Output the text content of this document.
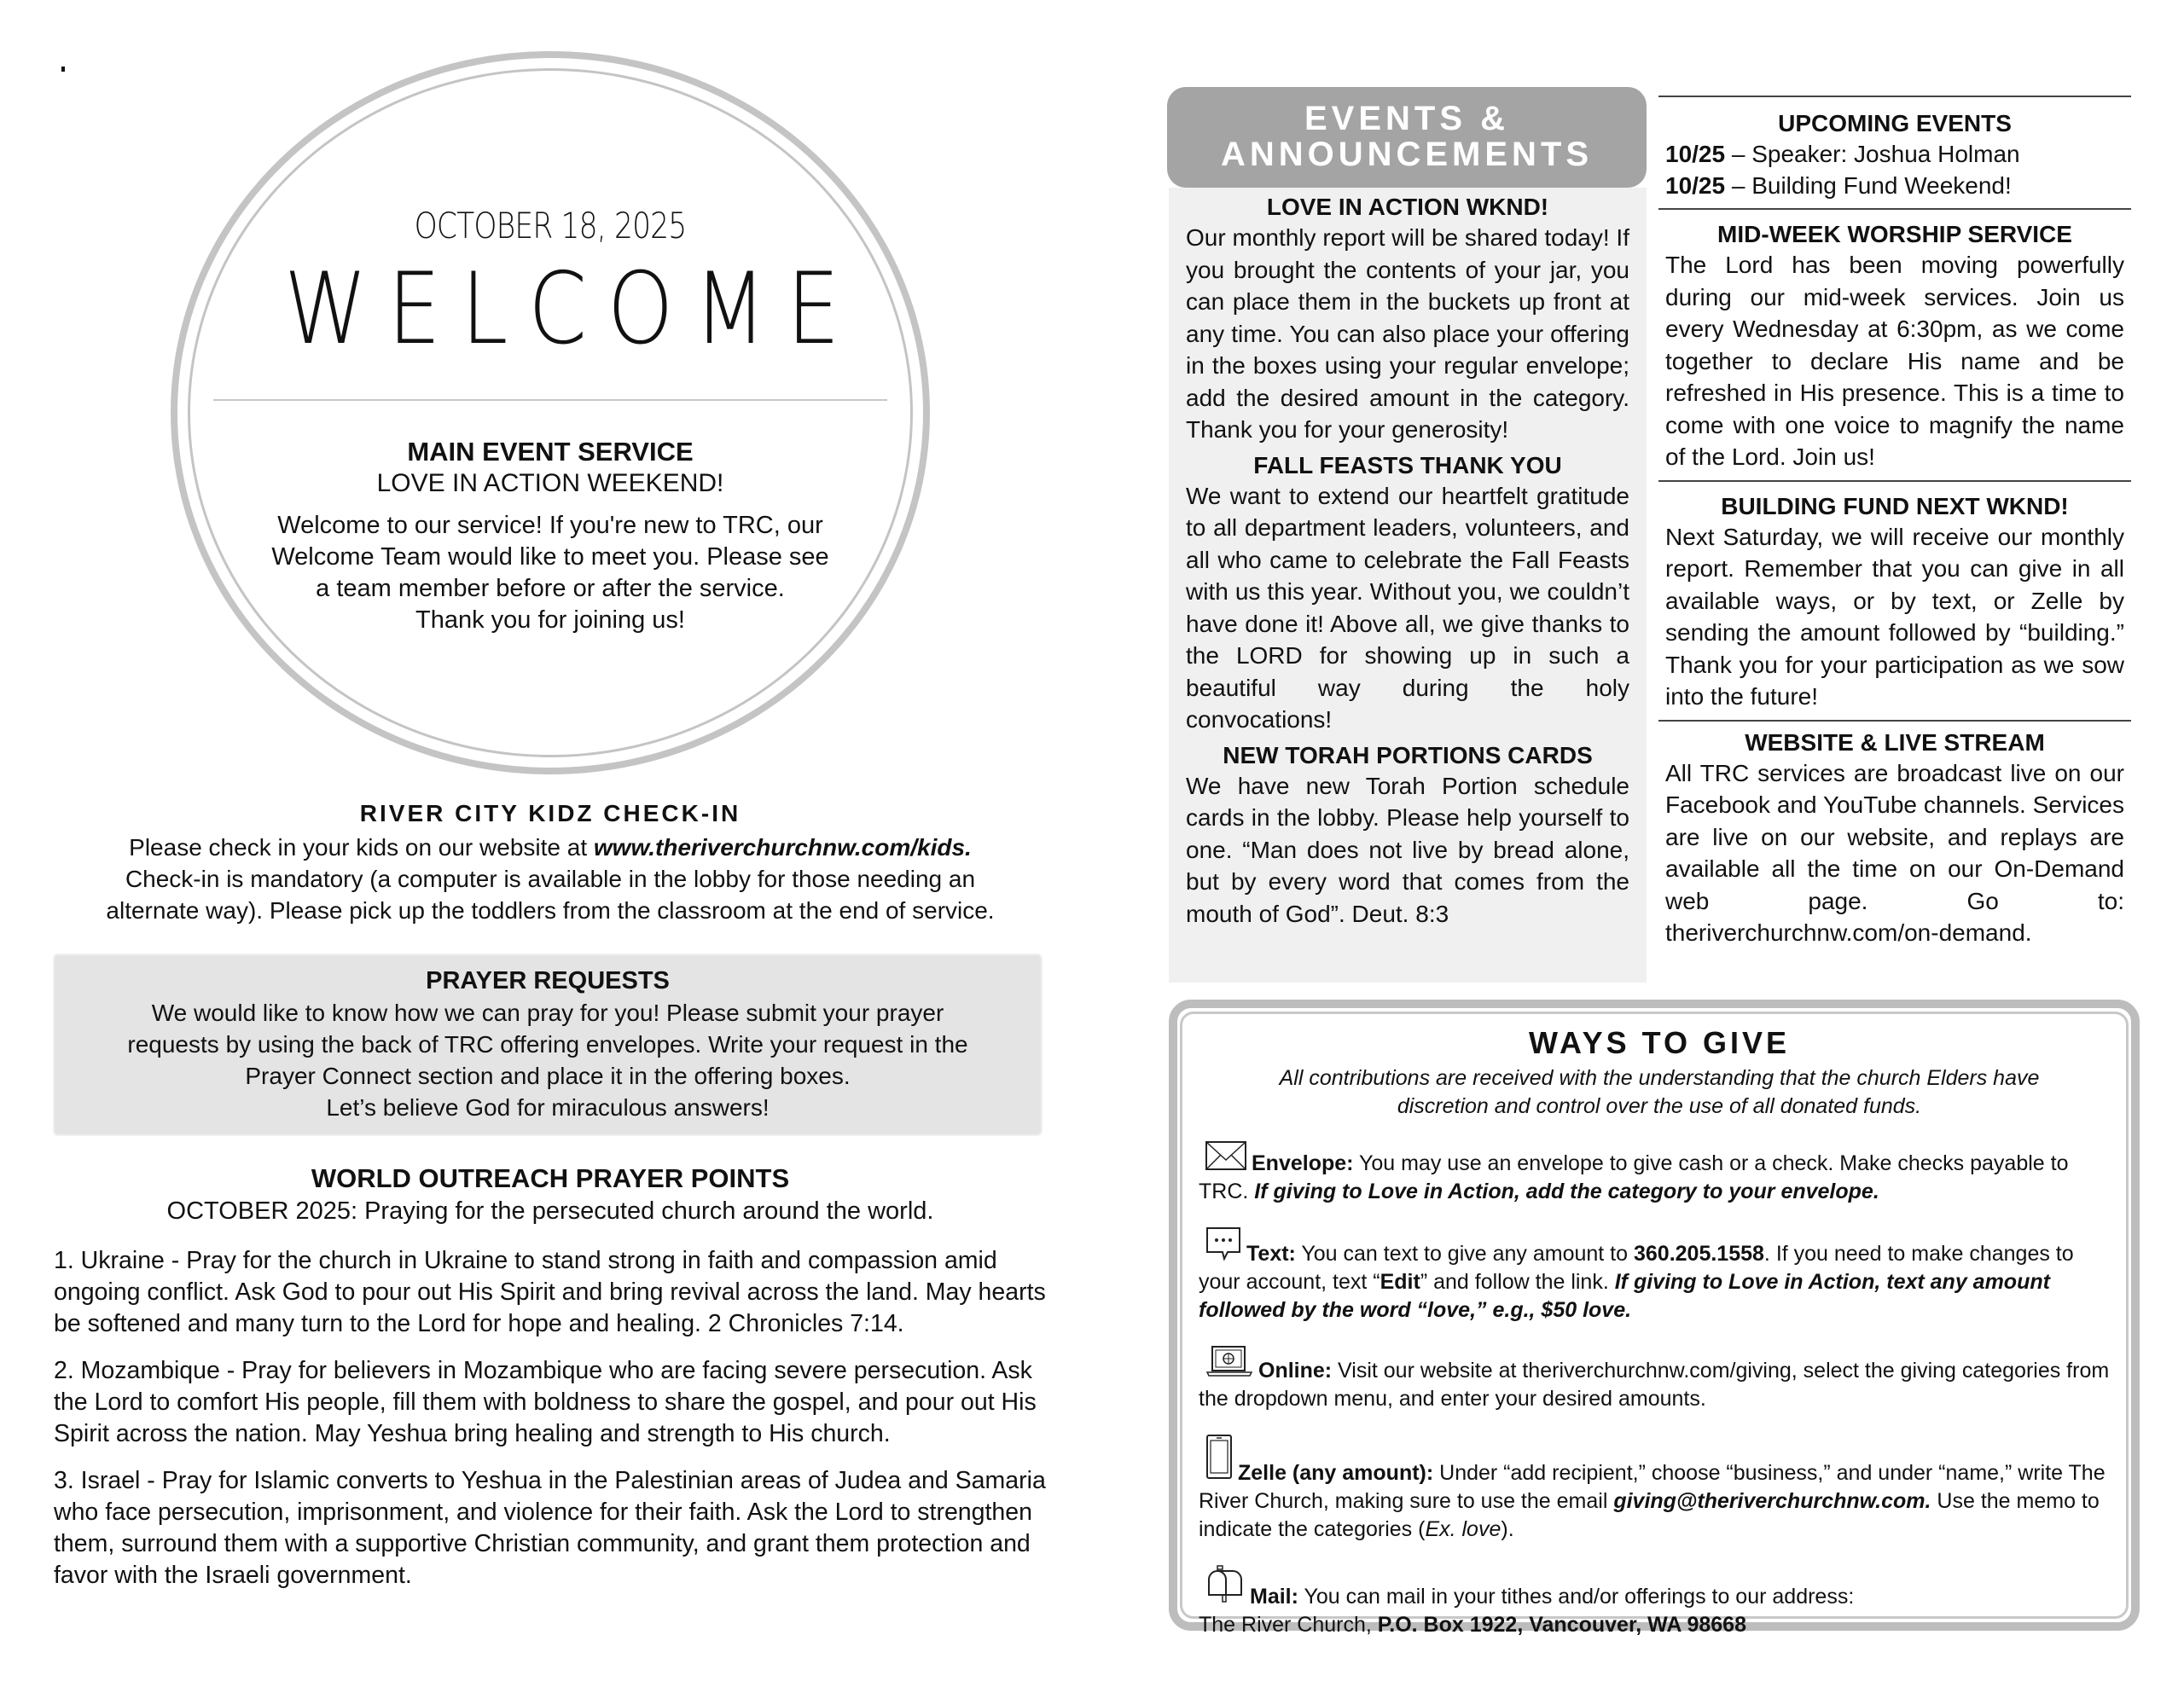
OCTOBER 18, 2025
WELCOME
MAIN EVENT SERVICE
LOVE IN ACTION WEEKEND!
Welcome to our service! If you're new to TRC, our
Welcome Team would like to meet you. Please see
a team member before or after the service.
Thank you for joining us!
RIVER CITY KIDZ CHECK-IN
Please check in your kids on our website at www.theriverchurchnw.com/kids.
Check-in is mandatory (a computer is available in the lobby for those needing an
alternate way). Please pick up the toddlers from the classroom at the end of service.
PRAYER REQUESTS
We would like to know how we can pray for you! Please submit your prayer
requests by using the back of TRC offering envelopes. Write your request in the
Prayer Connect section and place it in the offering boxes.
Let’s believe God for miraculous answers!
WORLD OUTREACH PRAYER POINTS
OCTOBER 2025: Praying for the persecuted church around the world.

1. Ukraine - Pray for the church in Ukraine to stand strong in faith and compassion amid ongoing conflict. Ask God to pour out His Spirit and bring revival across the land. May hearts be softened and many turn to the Lord for hope and healing. 2 Chronicles 7:14.

2. Mozambique - Pray for believers in Mozambique who are facing severe persecution. Ask the Lord to comfort His people, fill them with boldness to share the gospel, and pour out His Spirit across the nation. May Yeshua bring healing and strength to His church.

3. Israel - Pray for Islamic converts to Yeshua in the Palestinian areas of Judea and Samaria who face persecution, imprisonment, and violence for their faith. Ask the Lord to strengthen them, surround them with a supportive Christian community, and grant them protection and favor with the Israeli government.

EVENTS &
ANNOUNCEMENTS
LOVE IN ACTION WKND!
Our monthly report will be shared today! If you brought the contents of your jar, you can place them in the buckets up front at any time. You can also place your offering in the boxes using your regular envelope; add the desired amount in the category. Thank you for your generosity!
FALL FEASTS THANK YOU
We want to extend our heartfelt gratitude to all department leaders, volunteers, and all who came to celebrate the Fall Feasts with us this year. Without you, we couldn’t have done it! Above all, we give thanks to the LORD for showing up in such a beautiful way during the holy convocations!
NEW TORAH PORTIONS CARDS
We have new Torah Portion schedule cards in the lobby. Please help yourself to one. “Man does not live by bread alone, but by every word that comes from the mouth of God”. Deut. 8:3
UPCOMING EVENTS
10/25 – Speaker: Joshua Holman
10/25 – Building Fund Weekend!
MID-WEEK WORSHIP SERVICE
The Lord has been moving powerfully during our mid-week services. Join us every Wednesday at 6:30pm, as we come together to declare His name and be refreshed in His presence. This is a time to come with one voice to magnify the name of the Lord. Join us!
BUILDING FUND NEXT WKND!
Next Saturday, we will receive our monthly report. Remember that you can give in all available ways, or by text, or Zelle by sending the amount followed by “building.” Thank you for your participation as we sow into the future!
WEBSITE & LIVE STREAM
All TRC services are broadcast live on our Facebook and YouTube channels. Services are live on our website, and replays are available all the time on our On-Demand web page. Go to: theriverchurchnw.com/on-demand.
WAYS TO GIVE
All contributions are received with the understanding that the church Elders have
discretion and control over the use of all donated funds.
Envelope: You may use an envelope to give cash or a check. Make checks payable to TRC. If giving to Love in Action, add the category to your envelope.
Text: You can text to give any amount to 360.205.1558. If you need to make changes to your account, text “Edit” and follow the link. If giving to Love in Action, text any amount followed by the word “love,” e.g., $50 love.
Online: Visit our website at theriverchurchnw.com/giving, select the giving categories from the dropdown menu, and enter your desired amounts.
Zelle (any amount): Under “add recipient,” choose “business,” and under “name,” write The River Church, making sure to use the email giving@theriverchurchnw.com. Use the memo to indicate the categories (Ex. love).
Mail: You can mail in your tithes and/or offerings to our address:
The River Church, P.O. Box 1922, Vancouver, WA 98668
